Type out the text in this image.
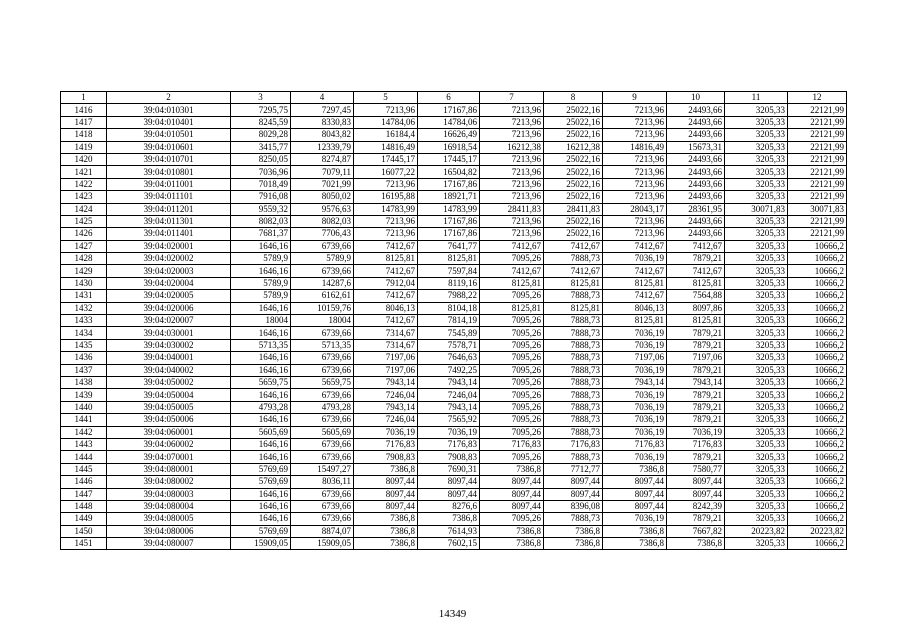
1	2	3	4	5	6	7	8	9	10	11	12
1416	39:04:010301	7295,75	7297,45	7213,96	17167,86	7213,96	25022,16	7213,96	24493,66	3205,33	22121,99
1417	39:04:010401	8245,59	8330,83	14784,06	14784,06	7213,96	25022,16	7213,96	24493,66	3205,33	22121,99
1418	39:04:010501	8029,28	8043,82	16184,4	16626,49	7213,96	25022,16	7213,96	24493,66	3205,33	22121,99
1419	39:04:010601	3415,77	12339,79	14816,49	16918,54	16212,38	16212,38	14816,49	15673,31	3205,33	22121,99
1420	39:04:010701	8250,05	8274,87	17445,17	17445,17	7213,96	25022,16	7213,96	24493,66	3205,33	22121,99
1421	39:04:010801	7036,96	7079,11	16077,22	16504,82	7213,96	25022,16	7213,96	24493,66	3205,33	22121,99
1422	39:04:011001	7018,49	7021,99	7213,96	17167,86	7213,96	25022,16	7213,96	24493,66	3205,33	22121,99
1423	39:04:011101	7916,08	8050,02	16195,88	18921,71	7213,96	25022,16	7213,96	24493,66	3205,33	22121,99
1424	39:04:011201	9559,32	9576,63	14783,99	14783,99	28411,83	28411,83	28043,17	28361,95	30071,83	30071,83
1425	39:04:011301	8082,03	8082,03	7213,96	17167,86	7213,96	25022,16	7213,96	24493,66	3205,33	22121,99
1426	39:04:011401	7681,37	7706,43	7213,96	17167,86	7213,96	25022,16	7213,96	24493,66	3205,33	22121,99
1427	39:04:020001	1646,16	6739,66	7412,67	7641,77	7412,67	7412,67	7412,67	7412,67	3205,33	10666,2
1428	39:04:020002	5789,9	5789,9	8125,81	8125,81	7095,26	7888,73	7036,19	7879,21	3205,33	10666,2
1429	39:04:020003	1646,16	6739,66	7412,67	7597,84	7412,67	7412,67	7412,67	7412,67	3205,33	10666,2
1430	39:04:020004	5789,9	14287,6	7912,04	8119,16	8125,81	8125,81	8125,81	8125,81	3205,33	10666,2
1431	39:04:020005	5789,9	6162,61	7412,67	7988,22	7095,26	7888,73	7412,67	7564,88	3205,33	10666,2
1432	39:04:020006	1646,16	10159,76	8046,13	8104,18	8125,81	8125,81	8046,13	8097,86	3205,33	10666,2
1433	39:04:020007	18004	18004	7412,67	7814,19	7095,26	7888,73	8125,81	8125,81	3205,33	10666,2
1434	39:04:030001	1646,16	6739,66	7314,67	7545,89	7095,26	7888,73	7036,19	7879,21	3205,33	10666,2
1435	39:04:030002	5713,35	5713,35	7314,67	7578,71	7095,26	7888,73	7036,19	7879,21	3205,33	10666,2
1436	39:04:040001	1646,16	6739,66	7197,06	7646,63	7095,26	7888,73	7197,06	7197,06	3205,33	10666,2
1437	39:04:040002	1646,16	6739,66	7197,06	7492,25	7095,26	7888,73	7036,19	7879,21	3205,33	10666,2
1438	39:04:050002	5659,75	5659,75	7943,14	7943,14	7095,26	7888,73	7943,14	7943,14	3205,33	10666,2
1439	39:04:050004	1646,16	6739,66	7246,04	7246,04	7095,26	7888,73	7036,19	7879,21	3205,33	10666,2
1440	39:04:050005	4793,28	4793,28	7943,14	7943,14	7095,26	7888,73	7036,19	7879,21	3205,33	10666,2
1441	39:04:050006	1646,16	6739,66	7246,04	7565,92	7095,26	7888,73	7036,19	7879,21	3205,33	10666,2
1442	39:04:060001	5605,69	5605,69	7036,19	7036,19	7095,26	7888,73	7036,19	7036,19	3205,33	10666,2
1443	39:04:060002	1646,16	6739,66	7176,83	7176,83	7176,83	7176,83	7176,83	7176,83	3205,33	10666,2
1444	39:04:070001	1646,16	6739,66	7908,83	7908,83	7095,26	7888,73	7036,19	7879,21	3205,33	10666,2
1445	39:04:080001	5769,69	15497,27	7386,8	7690,31	7386,8	7712,77	7386,8	7580,77	3205,33	10666,2
1446	39:04:080002	5769,69	8036,11	8097,44	8097,44	8097,44	8097,44	8097,44	8097,44	3205,33	10666,2
1447	39:04:080003	1646,16	6739,66	8097,44	8097,44	8097,44	8097,44	8097,44	8097,44	3205,33	10666,2
1448	39:04:080004	1646,16	6739,66	8097,44	8276,6	8097,44	8396,08	8097,44	8242,39	3205,33	10666,2
1449	39:04:080005	1646,16	6739,66	7386,8	7386,8	7095,26	7888,73	7036,19	7879,21	3205,33	10666,2
1450	39:04:080006	5769,69	8874,07	7386,8	7614,93	7386,8	7386,8	7386,8	7667,82	20223,82	20223,82
1451	39:04:080007	15909,05	15909,05	7386,8	7602,15	7386,8	7386,8	7386,8	7386,8	3205,33	10666,2
14349
